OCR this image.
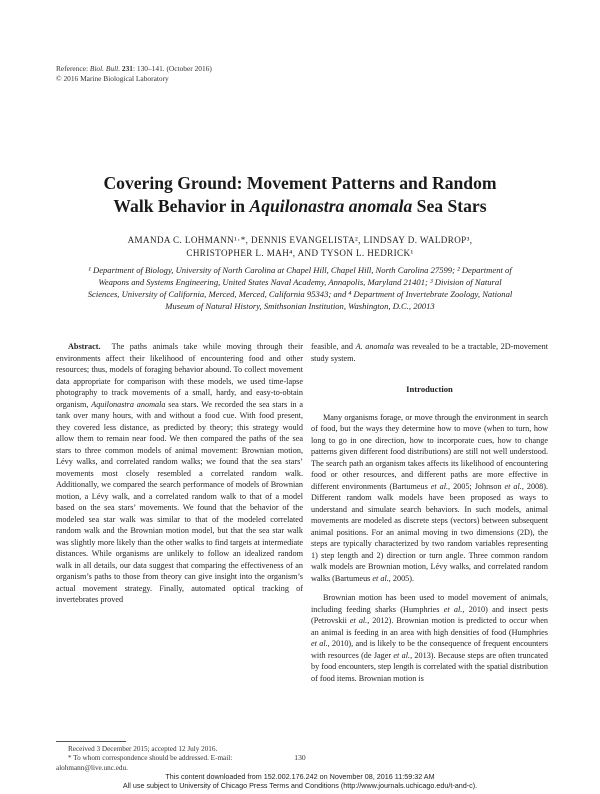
Reference: Biol. Bull. 231: 130–141. (October 2016)
© 2016 Marine Biological Laboratory
Covering Ground: Movement Patterns and Random
Walk Behavior in Aquilonastra anomala Sea Stars
AMANDA C. LOHMANN¹·*, DENNIS EVANGELISTA², LINDSAY D. WALDROP³,
CHRISTOPHER L. MAH⁴, AND TYSON L. HEDRICK¹
¹ Department of Biology, University of North Carolina at Chapel Hill, Chapel Hill, North Carolina 27599; ² Department of Weapons and Systems Engineering, United States Naval Academy, Annapolis, Maryland 21401; ³ Division of Natural Sciences, University of California, Merced, Merced, California 95343; and ⁴ Department of Invertebrate Zoology, National Museum of Natural History, Smithsonian Institution, Washington, D.C., 20013

Abstract. The paths animals take while moving through their environments affect their likelihood of encountering food and other resources; thus, models of foraging behavior abound. To collect movement data appropriate for comparison with these models, we used time-lapse photography to track movements of a small, hardy, and easy-to-obtain organism, Aquilonastra anomala sea stars. We recorded the sea stars in a tank over many hours, with and without a food cue. With food present, they covered less distance, as predicted by theory; this strategy would allow them to remain near food. We then compared the paths of the sea stars to three common models of animal movement: Brownian motion, Lévy walks, and correlated random walks; we found that the sea stars’ movements most closely resembled a correlated random walk. Additionally, we compared the search performance of models of Brownian motion, a Lévy walk, and a correlated random walk to that of a model based on the sea stars’ movements. We found that the behavior of the modeled sea star walk was similar to that of the modeled correlated random walk and the Brownian motion model, but that the sea star walk was slightly more likely than the other walks to find targets at intermediate distances. While organisms are unlikely to follow an idealized random walk in all details, our data suggest that comparing the effectiveness of an organism’s paths to those from theory can give insight into the organism’s actual movement strategy. Finally, automated optical tracking of invertebrates proved

feasible, and A. anomala was revealed to be a tractable, 2D-movement study system.

Introduction

Many organisms forage, or move through the environment in search of food, but the ways they determine how to move (when to turn, how long to go in one direction, how to incorporate cues, how to change patterns given different food distributions) are still not well understood. The search path an organism takes affects its likelihood of encountering food or other resources, and different paths are more effective in different environments (Bartumeus et al., 2005; Johnson et al., 2008). Different random walk models have been proposed as ways to understand and simulate search behaviors. In such models, animal movements are modeled as discrete steps (vectors) between subsequent animal positions. For an animal moving in two dimensions (2D), the steps are typically characterized by two random variables representing 1) step length and 2) direction or turn angle. Three common random walk models are Brownian motion, Lévy walks, and correlated random walks (Bartumeus et al., 2005).

Brownian motion has been used to model movement of animals, including feeding sharks (Humphries et al., 2010) and insect pests (Petrovskii et al., 2012). Brownian motion is predicted to occur when an animal is feeding in an area with high densities of food (Humphries et al., 2010), and is likely to be the consequence of frequent encounters with resources (de Jager et al., 2013). Because steps are often truncated by food encounters, step length is correlated with the spatial distribution of food items. Brownian motion is

Received 3 December 2015; accepted 12 July 2016.

* To whom correspondence should be addressed. E-mail: alohmann@live.unc.edu.

130
This content downloaded from 152.002.176.242 on November 08, 2016 11:59:32 AM
All use subject to University of Chicago Press Terms and Conditions (http://www.journals.uchicago.edu/t-and-c).
